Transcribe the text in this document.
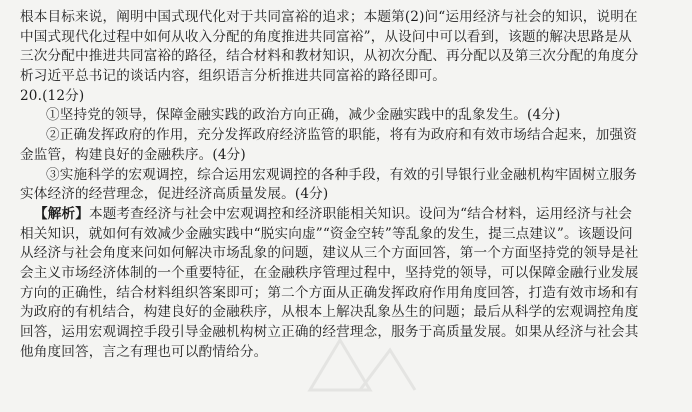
根本目标来说，阐明中国式现代化对于共同富裕的追求；本题第(2)问“运用经济与社会的知识，说明在
中国式现代化过程中如何从收入分配的角度推进共同富裕”，从设问中可以看到，该题的解决思路是从
三次分配中推进共同富裕的路径，结合材料和教材知识，从初次分配、再分配以及第三次分配的角度分
析习近平总书记的谈话内容，组织语言分析推进共同富裕的路径即可。
20.(12分)
①坚持党的领导，保障金融实践的政治方向正确，减少金融实践中的乱象发生。(4分)
②正确发挥政府的作用，充分发挥政府经济监管的职能，将有为政府和有效市场结合起来，加强资
金监管，构建良好的金融秩序。(4分)
③实施科学的宏观调控，综合运用宏观调控的各种手段，有效的引导银行业金融机构牢固树立服务
实体经济的经营理念，促进经济高质量发展。(4分)
【解析】本题考查经济与社会中宏观调控和经济职能相关知识。设问为“结合材料，运用经济与社会
相关知识，就如何有效减少金融实践中“脱实向虚”“资金空转”等乱象的发生，提三点建议”。该题设问
从经济与社会角度来问如何解决市场乱象的问题，建议从三个方面回答，第一个方面坚持党的领导是社
会主义市场经济体制的一个重要特征，在金融秩序管理过程中，坚持党的领导，可以保障金融行业发展
方向的正确性，结合材料组织答案即可；第二个方面从正确发挥政府作用角度回答，打造有效市场和有
为政府的有机结合，构建良好的金融秩序，从根本上解决乱象丛生的问题；最后从科学的宏观调控角度
回答，运用宏观调控手段引导金融机构树立正确的经营理念，服务于高质量发展。如果从经济与社会其
他角度回答，言之有理也可以酌情给分。
